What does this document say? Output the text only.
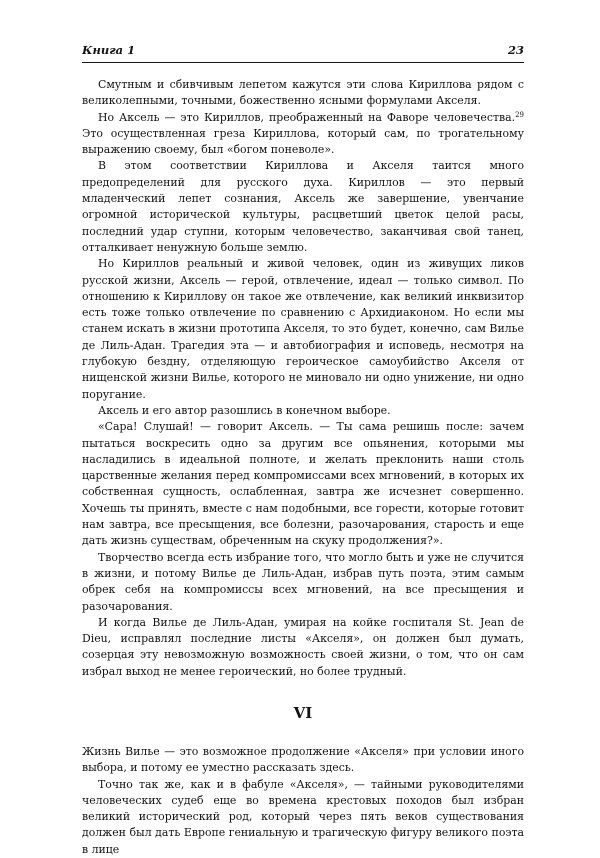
Книга 1	23

Смутным и сбивчивым лепетом кажутся эти слова Кириллова рядом с великолепными, точными, божественно ясными формулами Акселя.

Но Аксель — это Кириллов, преображенный на Фаворе человечества.$^{29}$ Это осуществленная греза Кириллова, который сам, по трогательному выражению своему, был «богом поневоле».

В этом соответствии Кириллова и Акселя таится много предопределений для русского духа. Кириллов — это первый младенческий лепет сознания, Аксель же завершение, увенчание огромной исторической культуры, расцветший цветок целой расы, последний удар ступни, которым человечество, заканчивая свой танец, отталкивает ненужную больше землю.

Но Кириллов реальный и живой человек, один из живущих ликов русской жизни, Аксель — герой, отвлечение, идеал — только символ. По отношению к Кириллову он такое же отвлечение, как великий инквизитор есть тоже только отвлечение по сравнению с Архидиаконом. Но если мы станем искать в жизни прототипа Акселя, то это будет, конечно, сам Вилье де Лиль-Адан. Трагедия эта — и автобиография и исповедь, несмотря на глубокую бездну, отделяющую героическое самоубийство Акселя от нищенской жизни Вилье, которого не миновало ни одно унижение, ни одно поругание.

Аксель и его автор разошлись в конечном выборе.

«Сара! Слушай! — говорит Аксель. — Ты сама решишь после: зачем пытаться воскресить одно за другим все опьянения, которыми мы насладились в идеальной полноте, и желать преклонить наши столь царственные желания перед компромиссами всех мгновений, в которых их собственная сущность, ослабленная, завтра же исчезнет совершенно. Хочешь ты принять, вместе с нам подобными, все горести, которые готовит нам завтра, все пресыщения, все болезни, разочарования, старость и еще дать жизнь существам, обреченным на скуку продолжения?».

Творчество всегда есть избрание того, что могло быть и уже не случится в жизни, и потому Вилье де Лиль-Адан, избрав путь поэта, этим самым обрек себя на компромиссы всех мгновений, на все пресыщения и разочарования.

И когда Вилье де Лиль-Адан, умирая на койке госпиталя St. Jean de Dieu, исправлял последние листы «Акселя», он должен был думать, созерцая эту невозможную возможность своей жизни, о том, что он сам избрал выход не менее героический, но более трудный.

VI

Жизнь Вилье — это возможное продолжение «Акселя» при условии иного выбора, и потому ее уместно рассказать здесь.

Точно так же, как и в фабуле «Акселя», — тайными руководителями человеческих судеб еще во времена крестовых походов был избран великий исторический род, который через пять веков существования должен был дать Европе гениальную и трагическую фигуру великого поэта в лице
